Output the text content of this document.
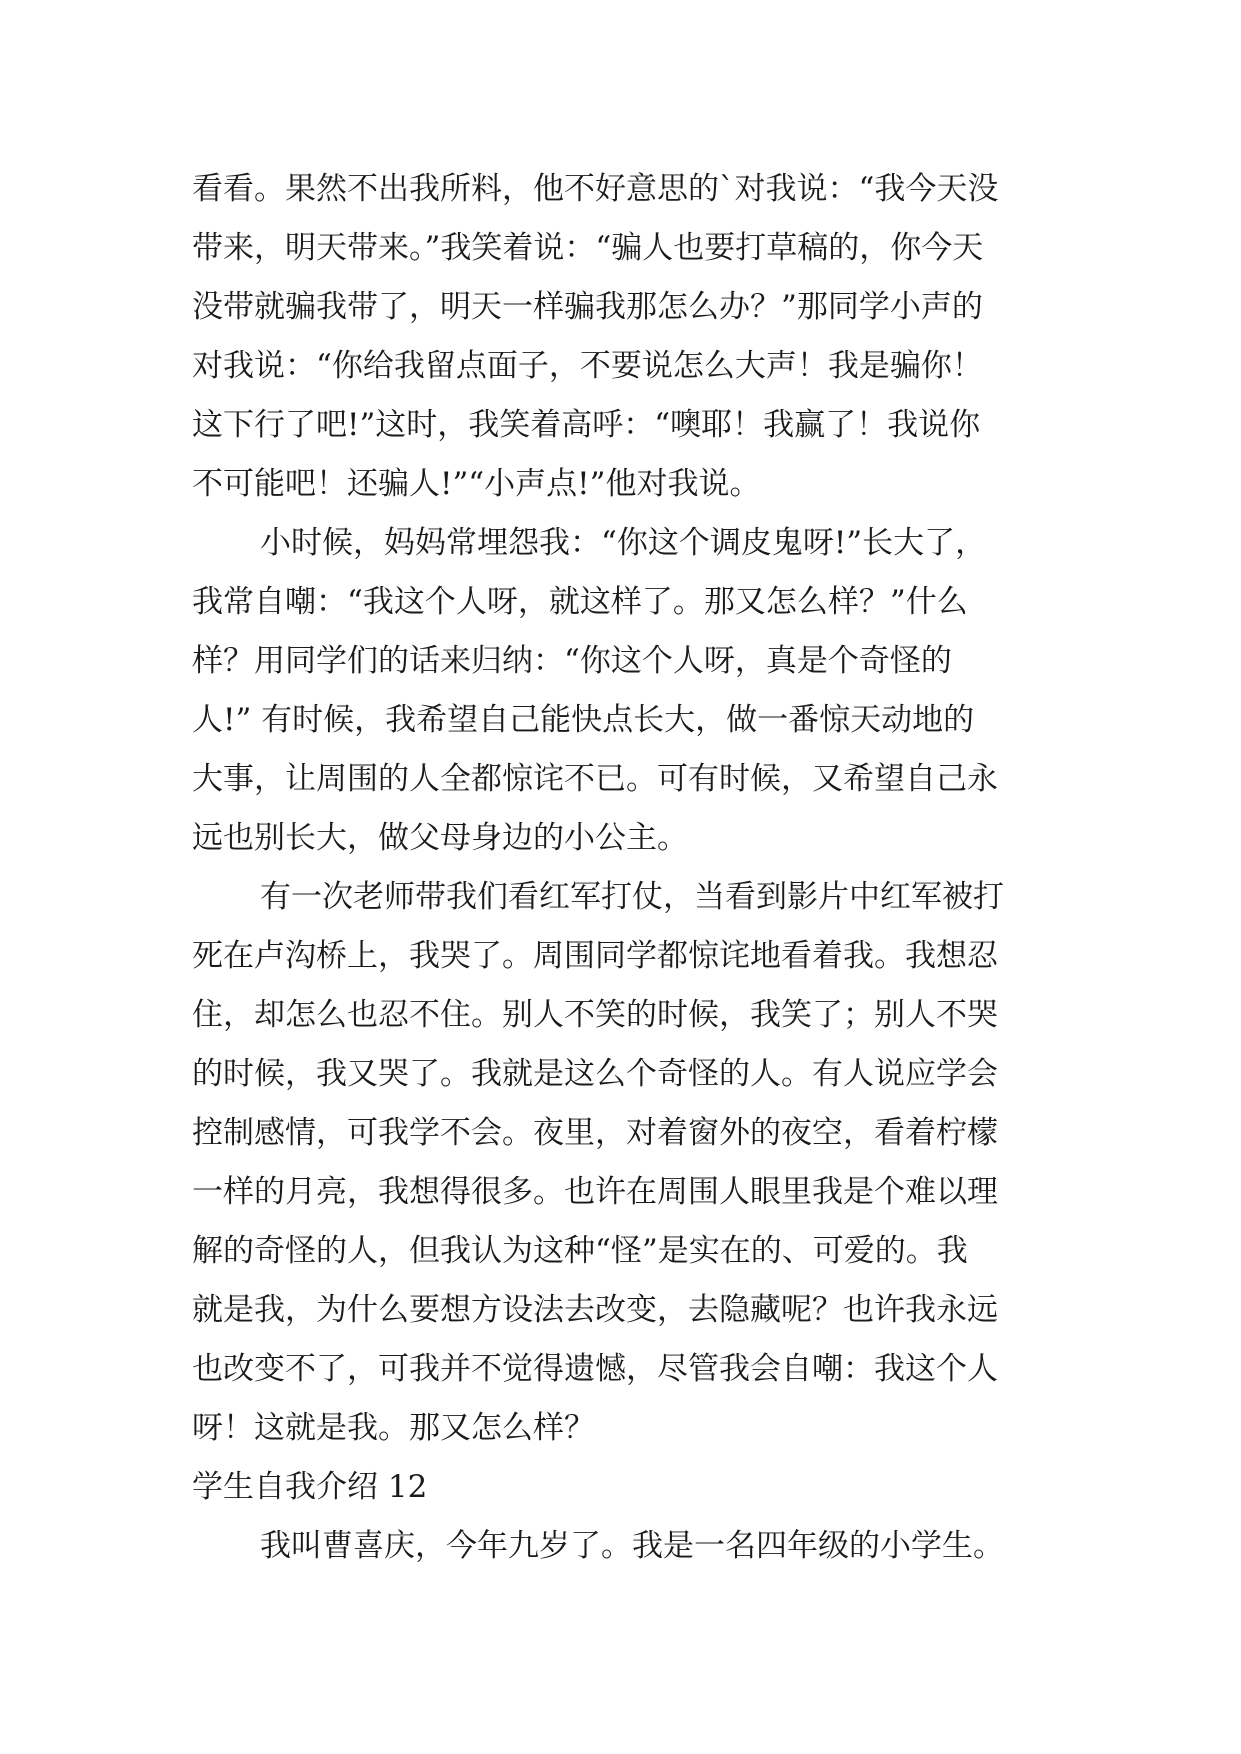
看看。果然不出我所料，他不好意思的`对我说：“我今天没
带来，明天带来。”我笑着说：“骗人也要打草稿的，你今天
没带就骗我带了，明天一样骗我那怎么办？”那同学小声的
对我说：“你给我留点面子，不要说怎么大声！我是骗你！
这下行了吧!”这时，我笑着高呼：“噢耶！我赢了！我说你
不可能吧！还骗人!”“小声点!”他对我说。
小时候，妈妈常埋怨我：“你这个调皮鬼呀!”长大了，
我常自嘲：“我这个人呀，就这样了。那又怎么样？”什么
样？用同学们的话来归纳：“你这个人呀，真是个奇怪的
人!” 有时候，我希望自己能快点长大，做一番惊天动地的
大事，让周围的人全都惊诧不已。可有时候，又希望自己永
远也别长大，做父母身边的小公主。
有一次老师带我们看红军打仗，当看到影片中红军被打
死在卢沟桥上，我哭了。周围同学都惊诧地看着我。我想忍
住，却怎么也忍不住。别人不笑的时候，我笑了；别人不哭
的时候，我又哭了。我就是这么个奇怪的人。有人说应学会
控制感情，可我学不会。夜里，对着窗外的夜空，看着柠檬
一样的月亮，我想得很多。也许在周围人眼里我是个难以理
解的奇怪的人，但我认为这种“怪”是实在的、可爱的。我
就是我，为什么要想方设法去改变，去隐藏呢？也许我永远
也改变不了，可我并不觉得遗憾，尽管我会自嘲：我这个人
呀！这就是我。那又怎么样？
学生自我介绍 12
我叫曹喜庆，今年九岁了。我是一名四年级的小学生。
